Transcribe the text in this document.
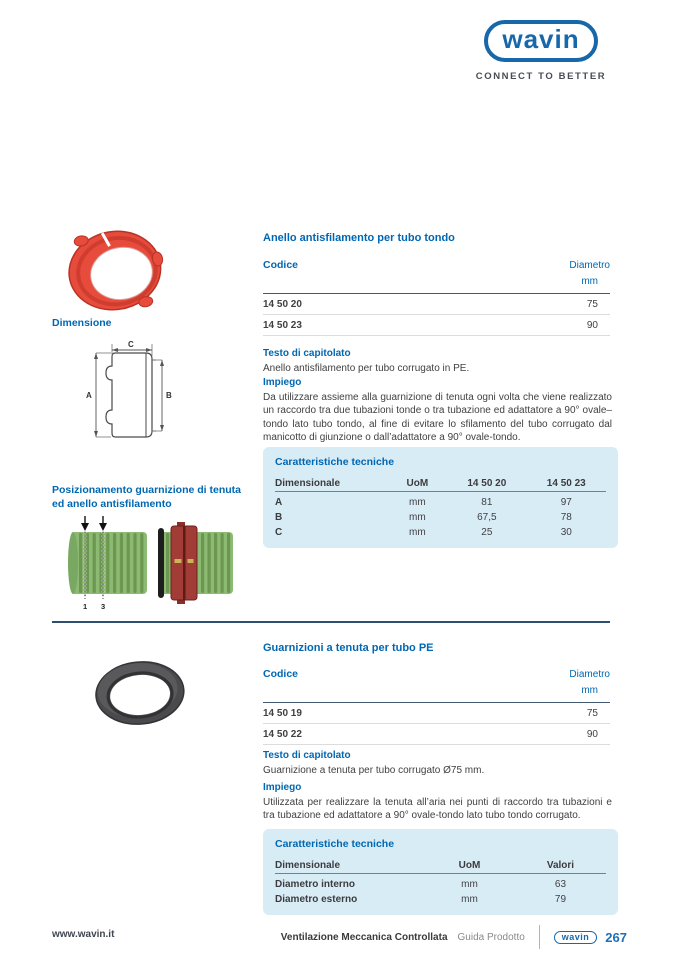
wavin
CONNECT TO BETTER
Dimensione
C
A	B
Posizionamento guarnizione di tenuta ed anello antisfilamento
1 3
Anello antisfilamento per tubo tondo
Codice	Diametro
mm
14 50 20	75
14 50 23	90
Testo di capitolato

Anello antisfilamento per tubo corrugato in PE.

Impiego

Da utilizzare assieme alla guarnizione di tenuta ogni volta che viene realizzato un raccordo tra due tubazioni tonde o tra tubazione ed adattatore a 90° ovale–tondo lato tubo tondo, al fine di evitare lo sfilamento del tubo corrugato dal manicotto di giunzione o dall’adattatore a 90° ovale-tondo.

Caratteristiche tecniche
Dimensionale	UoM	14 50 20	14 50 23
A	mm	81	97
B	mm	67,5	78
C	mm	25	30
Guarnizioni a tenuta per tubo PE
Codice	Diametro
mm
14 50 19	75
14 50 22	90
Testo di capitolato

Guarnizione a tenuta per tubo corrugato Ø75 mm.

Impiego

Utilizzata per realizzare la tenuta all’aria nei punti di raccordo tra tubazioni e tra tubazione ed adattatore a 90° ovale-tondo lato tubo tondo corrugato.

Caratteristiche tecniche
Dimensionale	UoM	Valori
Diametro interno	mm	63
Diametro esterno	mm	79
www.wavin.it	Ventilazione Meccanica Controllata Guida Prodotto	wavin	267
